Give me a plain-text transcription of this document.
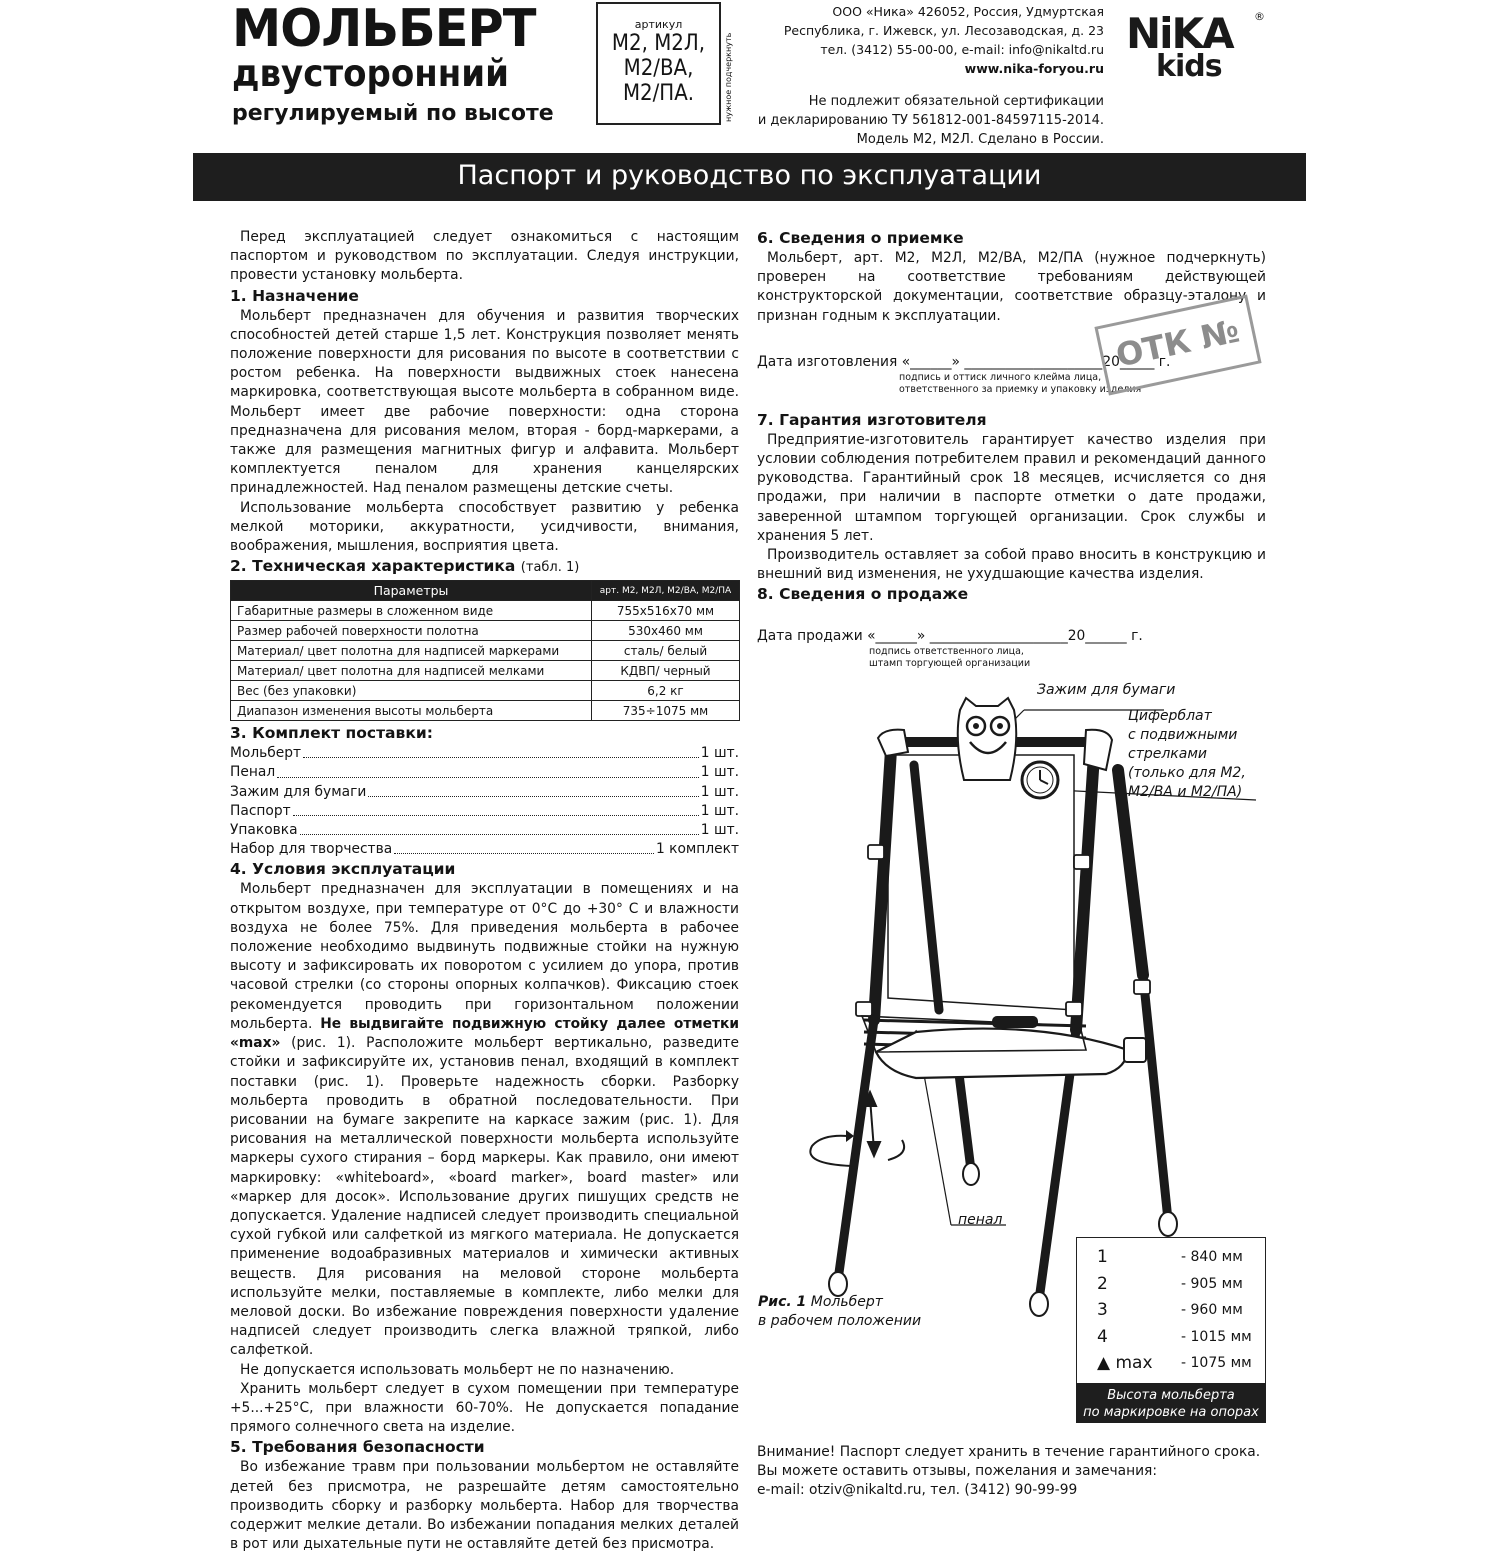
МОЛЬБЕРТ
двусторонний
регулируемый по высоте
артикул
М2, М2Л,
М2/ВА,
М2/ПА.	нужное подчеркнуть
ООО «Ника» 426052, Россия, Удмуртская
Республика, г. Ижевск, ул. Лесозаводская, д. 23
тел. (3412) 55-00-00, e-mail: info@nikaltd.ru
www.nika-foryou.ru
Не подлежит обязательной сертификации
и декларированию ТУ 561812-001-84597115-2014.
Модель М2, М2Л. Сделано в России.
NiKA
kids
®
Паспорт и руководство по эксплуатации

Перед эксплуатацией следует ознакомиться с настоящим паспортом и руководством по эксплуатации. Следуя инструкции, провести установку мольберта.

1. Назначение

Мольберт предназначен для обучения и развития творческих способностей детей старше 1,5 лет. Конструкция позволяет менять положение поверхности для рисования по высоте в соответствии с ростом ребенка. На поверхности выдвижных стоек нанесена маркировка, соответствующая высоте мольберта в собранном виде. Мольберт имеет две рабочие поверхности: одна сторона предназначена для рисования мелом, вторая - борд-маркерами, а также для размещения магнитных фигур и алфавита. Мольберт комплектуется пеналом для хранения канцелярских принадлежностей. Над пеналом размещены детские счеты.

Использование мольберта способствует развитию у ребенка мелкой моторики, аккуратности, усидчивости, внимания, воображения, мышления, восприятия цвета.

2. Техническая характеристика (табл. 1)
Параметры	арт. М2, М2Л, М2/ВА, М2/ПА
Габаритные размеры в сложенном виде	755х516х70 мм
Размер рабочей поверхности полотна	530х460 мм
Материал/ цвет полотна для надписей маркерами	сталь/ белый
Материал/ цвет полотна для надписей мелками	КДВП/ черный
Вес (без упаковки)	6,2 кг
Диапазон изменения высоты мольберта	735÷1075 мм
3. Комплект поставки:
Мольберт	1 шт.
Пенал	1 шт.
Зажим для бумаги	1 шт.
Паспорт	1 шт.
Упаковка	1 шт.
Набор для творчества	1 комплект
4. Условия эксплуатации

Мольберт предназначен для эксплуатации в помещениях и на открытом воздухе, при температуре от 0°С до +30° С и влажности воздуха не более 75%. Для приведения мольберта в рабочее положение необходимо выдвинуть подвижные стойки на нужную высоту и зафиксировать их поворотом с усилием до упора, против часовой стрелки (со стороны опорных колпачков). Фиксацию стоек рекомендуется проводить при горизонтальном положении мольберта. Не выдвигайте подвижную стойку далее отметки «max» (рис. 1). Расположите мольберт вертикально, разведите стойки и зафиксируйте их, установив пенал, входящий в комплект поставки (рис. 1). Проверьте надежность сборки. Разборку мольберта проводить в обратной последовательности. При рисовании на бумаге закрепите на каркасе зажим (рис. 1). Для рисования на металлической поверхности мольберта используйте маркеры сухого стирания – борд маркеры. Как правило, они имеют маркировку: «whiteboard», «board marker», board master» или «маркер для досок». Использование других пишущих средств не допускается. Удаление надписей следует производить специальной сухой губкой или салфеткой из мягкого материала. Не допускается применение водоабразивных материалов и химически активных веществ. Для рисования на меловой стороне мольберта используйте мелки, поставляемые в комплекте, либо мелки для меловой доски. Во избежание повреждения поверхности удаление надписей следует производить слегка влажной тряпкой, либо салфеткой.

Не допускается использовать мольберт не по назначению.

Хранить мольберт следует в сухом помещении при температуре +5...+25°С, при влажности 60-70%. Не допускается попадание прямого солнечного света на изделие.

5. Требования безопасности

Во избежание травм при пользовании мольбертом не оставляйте детей без присмотра, не разрешайте детям самостоятельно производить сборку и разборку мольберта. Набор для творчества содержит мелкие детали. Во избежании попадания мелких деталей в рот или дыхательные пути не оставляйте детей без присмотра.

6. Сведения о приемке

Мольберт, арт. М2, М2Л, М2/ВА, М2/ПА (нужное подчеркнуть) проверен на соответствие требованиям действующей конструкторской документации, соответствие образцу-эталону и признан годным к эксплуатации.

Дата изготовления «______» ____________________20_____ г.
подпись и оттиск личного клейма лица,
ответственного за приемку и упаковку изделия
7. Гарантия изготовителя

Предприятие-изготовитель гарантирует качество изделия при условии соблюдения потребителем правил и рекомендаций данного руководства. Гарантийный срок 18 месяцев, исчисляется со дня продажи, при наличии в паспорте отметки о дате продажи, заверенной штампом торгующей организации. Срок службы и хранения 5 лет.

Производитель оставляет за собой право вносить в конструкцию и внешний вид изменения, не ухудшающие качества изделия.

8. Сведения о продаже
Дата продажи «______» ____________________20______ г.
подпись ответственного лица,
штамп торгующей организации
ОТК №
Зажим для бумаги
Циферблат
с подвижными
стрелками
(только для М2,
М2/ВА и М2/ПА)
пенал
Рис. 1 Мольберт
в рабочем положении
1	- 840 мм
2	- 905 мм
3	- 960 мм
4	- 1015 мм
▲ max	- 1075 мм
Высота мольберта
по маркировке на опорах
Внимание! Паспорт следует хранить в течение гарантийного срока.
Вы можете оставить отзывы, пожелания и замечания:
e-mail: otziv@nikaltd.ru, тел. (3412) 90-99-99
